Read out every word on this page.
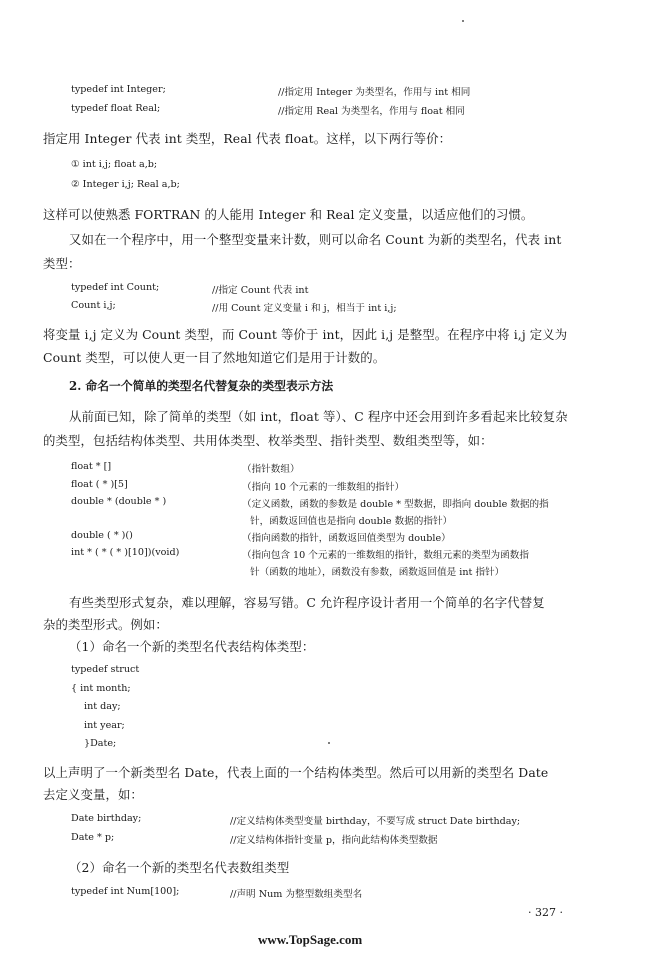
typedef int Integer;	//指定用 Integer 为类型名，作用与 int 相同
typedef float Real;	//指定用 Real 为类型名，作用与 float 相同
指定用 Integer 代表 int 类型，Real 代表 float。这样，以下两行等价：
① int i,j; float a,b;
② Integer i,j; Real a,b;
这样可以使熟悉 FORTRAN 的人能用 Integer 和 Real 定义变量，以适应他们的习惯。
又如在一个程序中，用一个整型变量来计数，则可以命名 Count 为新的类型名，代表 int
类型：
typedef int Count;	//指定 Count 代表 int
Count i,j;	//用 Count 定义变量 i 和 j，相当于 int i,j;
将变量 i,j 定义为 Count 类型，而 Count 等价于 int，因此 i,j 是整型。在程序中将 i,j 定义为
Count 类型，可以使人更一目了然地知道它们是用于计数的。
2. 命名一个简单的类型名代替复杂的类型表示方法
从前面已知，除了简单的类型（如 int，float 等）、C 程序中还会用到许多看起来比较复杂
的类型，包括结构体类型、共用体类型、枚举类型、指针类型、数组类型等，如：
float * []	（指针数组）
float ( * )[5]	（指向 10 个元素的一维数组的指针）
double * (double * )	（定义函数，函数的参数是 double * 型数据，即指向 double 数据的指
针，函数返回值也是指向 double 数据的指针）
double ( * )()	（指向函数的指针，函数返回值类型为 double）
int * ( * ( * )[10])(void)	（指向包含 10 个元素的一维数组的指针，数组元素的类型为函数指
针（函数的地址），函数没有参数，函数返回值是 int 指针）
有些类型形式复杂，难以理解，容易写错。C 允许程序设计者用一个简单的名字代替复
杂的类型形式。例如：
（1）命名一个新的类型名代表结构体类型：
typedef struct
{ int month;
int day;
int year;
}Date;
以上声明了一个新类型名 Date，代表上面的一个结构体类型。然后可以用新的类型名 Date
去定义变量，如：
Date birthday;	//定义结构体类型变量 birthday，不要写成 struct Date birthday;
Date * p;	//定义结构体指针变量 p，指向此结构体类型数据
（2）命名一个新的类型名代表数组类型
typedef int Num[100];	//声明 Num 为整型数组类型名
· 327 ·
www.TopSage.com
